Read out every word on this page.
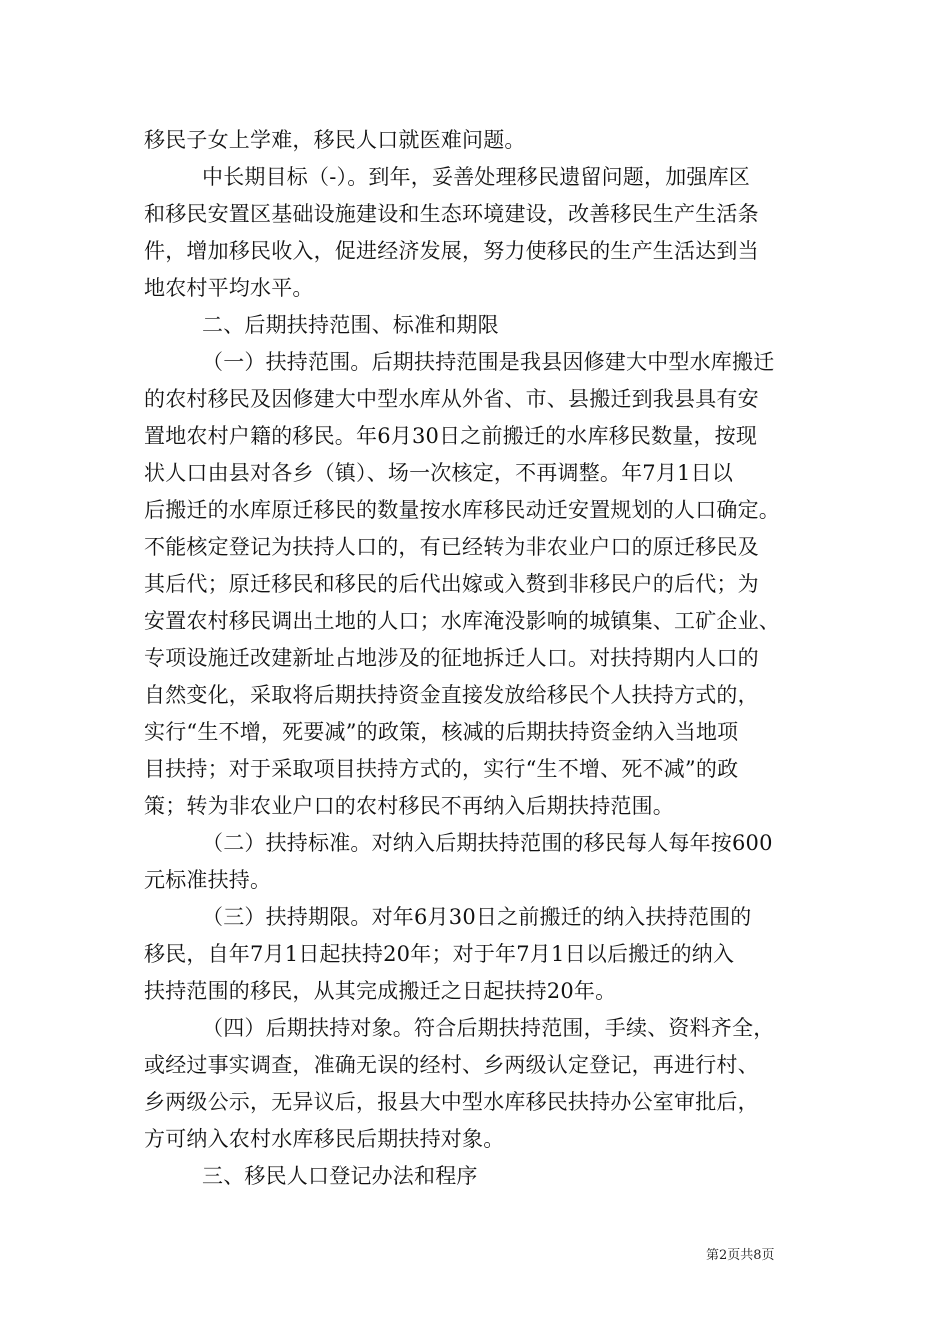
移民子女上学难，移民人口就医难问题。
中长期目标（-）。到年，妥善处理移民遗留问题，加强库区
和移民安置区基础设施建设和生态环境建设，改善移民生产生活条
件，增加移民收入，促进经济发展，努力使移民的生产生活达到当
地农村平均水平。
二、后期扶持范围、标准和期限
（一）扶持范围。后期扶持范围是我县因修建大中型水库搬迁
的农村移民及因修建大中型水库从外省、市、县搬迁到我县具有安
置地农村户籍的移民。年6月30日之前搬迁的水库移民数量，按现
状人口由县对各乡（镇）、场一次核定，不再调整。年7月1日以
后搬迁的水库原迁移民的数量按水库移民动迁安置规划的人口确定。
不能核定登记为扶持人口的，有已经转为非农业户口的原迁移民及
其后代；原迁移民和移民的后代出嫁或入赘到非移民户的后代；为
安置农村移民调出土地的人口；水库淹没影响的城镇集、工矿企业、
专项设施迁改建新址占地涉及的征地拆迁人口。对扶持期内人口的
自然变化，采取将后期扶持资金直接发放给移民个人扶持方式的，
实行“生不增，死要减”的政策，核减的后期扶持资金纳入当地项
目扶持；对于采取项目扶持方式的，实行“生不增、死不减”的政
策；转为非农业户口的农村移民不再纳入后期扶持范围。
（二）扶持标准。对纳入后期扶持范围的移民每人每年按600
元标准扶持。
（三）扶持期限。对年6月30日之前搬迁的纳入扶持范围的
移民，自年7月1日起扶持20年；对于年7月1日以后搬迁的纳入
扶持范围的移民，从其完成搬迁之日起扶持20年。
（四）后期扶持对象。符合后期扶持范围，手续、资料齐全，
或经过事实调查，准确无误的经村、乡两级认定登记，再进行村、
乡两级公示，无异议后，报县大中型水库移民扶持办公室审批后，
方可纳入农村水库移民后期扶持对象。
三、移民人口登记办法和程序
第2页共8页
